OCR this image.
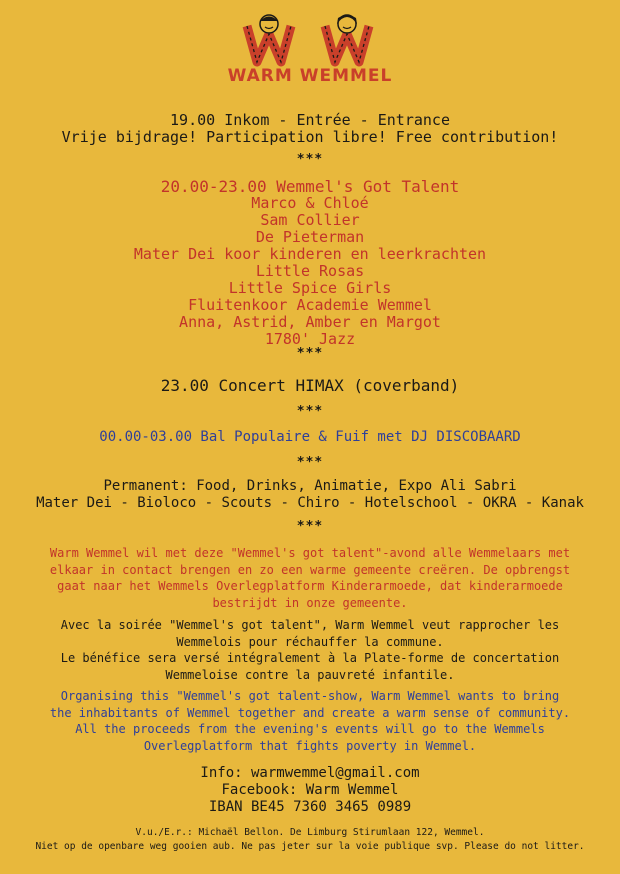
WARM WEMMEL
19.00 Inkom - Entrée - Entrance
Vrije bijdrage! Participation libre! Free contribution!
***
20.00-23.00 Wemmel's Got Talent
Marco & Chloé
Sam Collier
De Pieterman
Mater Dei koor kinderen en leerkrachten
Little Rosas
Little Spice Girls
Fluitenkoor Academie Wemmel
Anna, Astrid, Amber en Margot
1780' Jazz
***
23.00 Concert HIMAX (coverband)
***
00.00-03.00 Bal Populaire & Fuif met DJ DISCOBAARD
***
Permanent: Food, Drinks, Animatie, Expo Ali Sabri
Mater Dei - Bioloco - Scouts - Chiro - Hotelschool - OKRA - Kanak
***
Warm Wemmel wil met deze "Wemmel's got talent"-avond alle Wemmelaars met
elkaar in contact brengen en zo een warme gemeente creëren. De opbrengst
gaat naar het Wemmels Overlegplatform Kinderarmoede, dat kinderarmoede
bestrijdt in onze gemeente.
Avec la soirée "Wemmel's got talent", Warm Wemmel veut rapprocher les
Wemmelois pour réchauffer la commune.
Le bénéfice sera versé intégralement à la Plate-forme de concertation
Wemmeloise contre la pauvreté infantile.
Organising this "Wemmel's got talent-show, Warm Wemmel wants to bring
the inhabitants of Wemmel together and create a warm sense of community.
All the proceeds from the evening's events will go to the Wemmels
Overlegplatform that fights poverty in Wemmel.
Info: warmwemmel@gmail.com
Facebook: Warm Wemmel
IBAN BE45 7360 3465 0989
V.u./E.r.: Michaël Bellon. De Limburg Stirumlaan 122, Wemmel.
Niet op de openbare weg gooien aub. Ne pas jeter sur la voie publique svp. Please do not litter.
